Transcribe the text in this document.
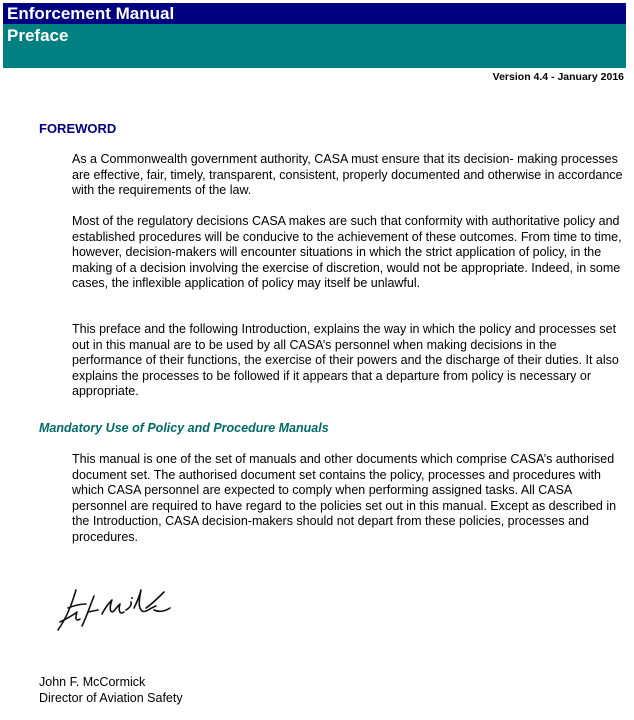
Enforcement Manual
Preface
Version 4.4 - January 2016
FOREWORD

As a Commonwealth government authority, CASA must ensure that its decision- making processes are effective, fair, timely, transparent, consistent, properly documented and otherwise in accordance with the requirements of the law.

Most of the regulatory decisions CASA makes are such that conformity with authoritative policy and established procedures will be conducive to the achievement of these outcomes. From time to time, however, decision-makers will encounter situations in which the strict application of policy, in the making of a decision involving the exercise of discretion, would not be appropriate. Indeed, in some cases, the inflexible application of policy may itself be unlawful.

This preface and the following Introduction, explains the way in which the policy and processes set out in this manual are to be used by all CASA’s personnel when making decisions in the performance of their functions, the exercise of their powers and the discharge of their duties. It also explains the processes to be followed if it appears that a departure from policy is necessary or appropriate.

Mandatory Use of Policy and Procedure Manuals

This manual is one of the set of manuals and other documents which comprise CASA’s authorised document set. The authorised document set contains the policy, processes and procedures with which CASA personnel are expected to comply when performing assigned tasks. All CASA personnel are required to have regard to the policies set out in this manual. Except as described in the Introduction, CASA decision-makers should not depart from these policies, processes and procedures.

John F. McCormick
Director of Aviation Safety
